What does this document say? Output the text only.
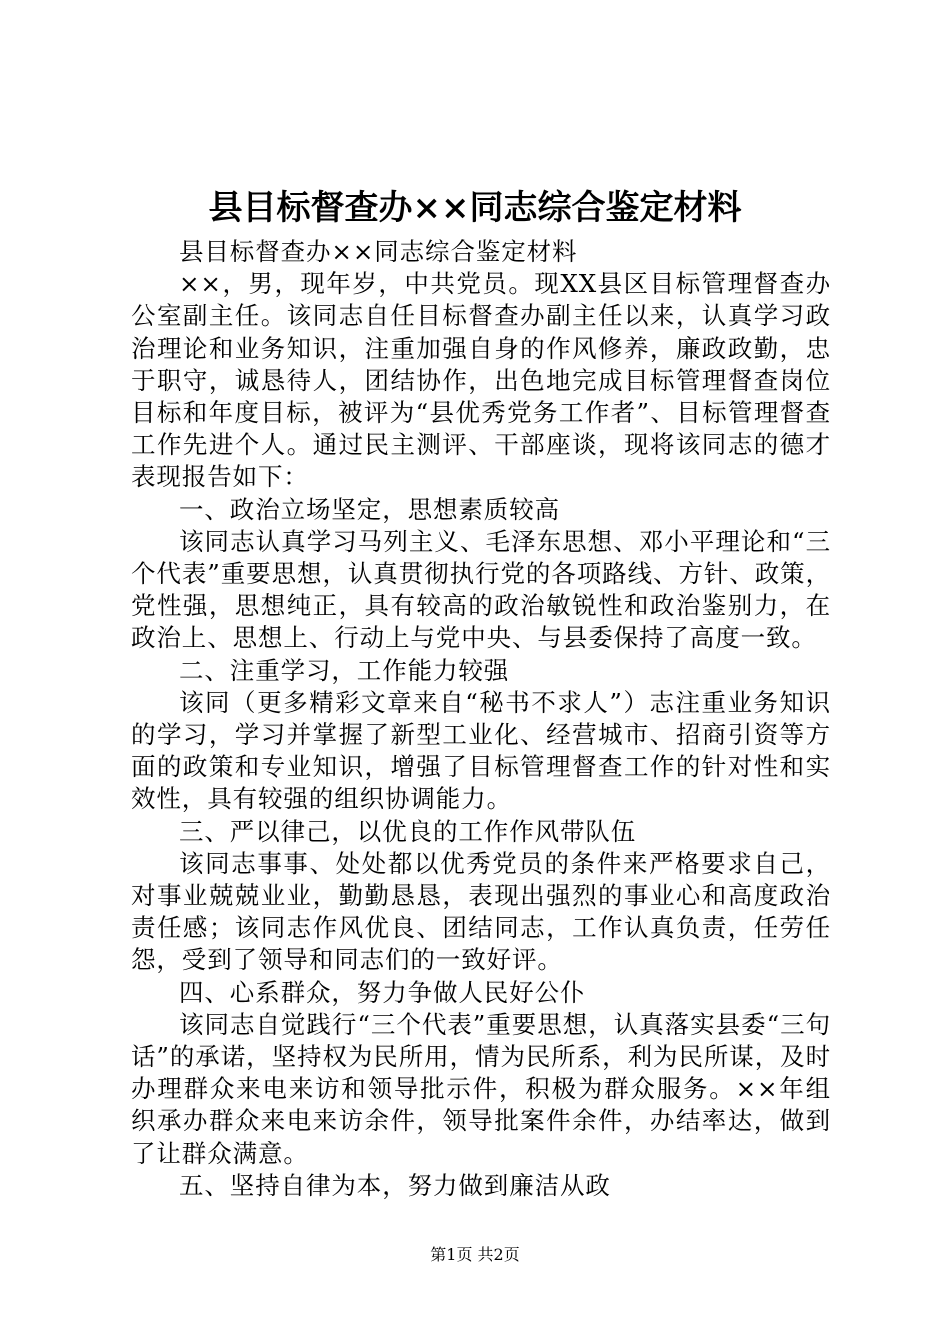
县目标督查办××同志综合鉴定材料

县目标督查办××同志综合鉴定材料

××，男，现年岁，中共党员。现XX县区目标管理督查办公室副主任。该同志自任目标督查办副主任以来，认真学习政治理论和业务知识，注重加强自身的作风修养，廉政政勤，忠于职守，诚恳待人，团结协作，出色地完成目标管理督查岗位目标和年度目标，被评为“县优秀党务工作者”、目标管理督查工作先进个人。通过民主测评、干部座谈，现将该同志的德才表现报告如下：

一、政治立场坚定，思想素质较高

该同志认真学习马列主义、毛泽东思想、邓小平理论和“三个代表”重要思想，认真贯彻执行党的各项路线、方针、政策，党性强，思想纯正，具有较高的政治敏锐性和政治鉴别力，在政治上、思想上、行动上与党中央、与县委保持了高度一致。

二、注重学习，工作能力较强

该同（更多精彩文章来自“秘书不求人”）志注重业务知识的学习，学习并掌握了新型工业化、经营城市、招商引资等方面的政策和专业知识，增强了目标管理督查工作的针对性和实效性，具有较强的组织协调能力。

三、严以律己，以优良的工作作风带队伍

该同志事事、处处都以优秀党员的条件来严格要求自己，对事业兢兢业业，勤勤恳恳，表现出强烈的事业心和高度政治责任感；该同志作风优良、团结同志，工作认真负责，任劳任怨，受到了领导和同志们的一致好评。

四、心系群众，努力争做人民好公仆

该同志自觉践行“三个代表”重要思想，认真落实县委“三句话”的承诺，坚持权为民所用，情为民所系，利为民所谋，及时办理群众来电来访和领导批示件，积极为群众服务。××年组织承办群众来电来访余件，领导批案件余件，办结率达，做到了让群众满意。

五、坚持自律为本，努力做到廉洁从政

第1页 共2页
